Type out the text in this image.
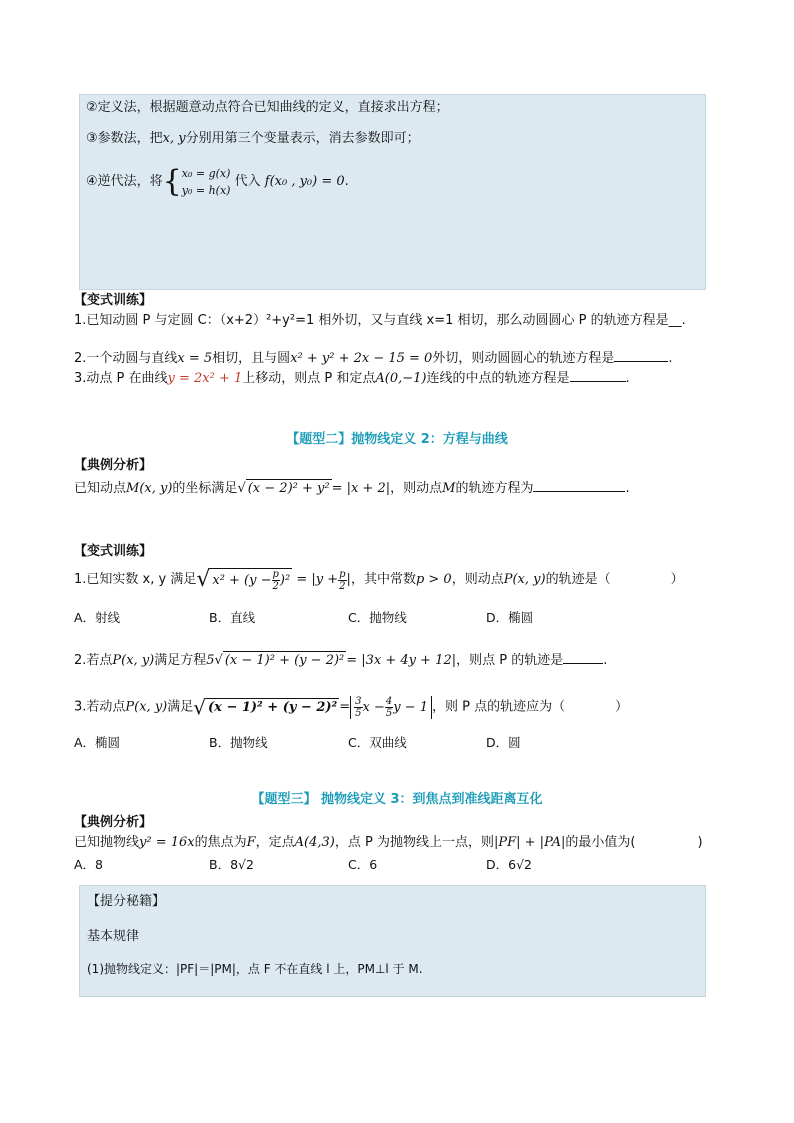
②定义法，根据题意动点符合已知曲线的定义，直接求出方程；
③参数法，把x, y分别用第三个变量表示，消去参数即可；
④逆代法，将{ x₀ = g(x)
y₀ = h(x)
代入 f(x₀ , y₀) = 0.
【变式训练】
1.已知动圆 P 与定圆 C：（x+2）²+y²=1 相外切，又与直线 x=1 相切，那么动圆圆心 P 的轨迹方程是__.
2.一个动圆与直线x = 5相切，且与圆x² + y² + 2x − 15 = 0外切，则动圆圆心的轨迹方程是	.
3.动点 P 在曲线y = 2x² + 1上移动，则点 P 和定点A(0,−1)连线的中点的轨迹方程是	.
【题型二】抛物线定义 2：方程与曲线
【典例分析】
已知动点M(x, y)的坐标满足√ (x − 2)² + y² = |x + 2|，则动点M的轨迹方程为	.
【变式训练】
1.已知实数 x, y 满足√ $x^2 + (y - \frac{p}{2} )^2 = |y + \frac{p}{2}$ |，其中常数p > 0，则动点P(x, y)的轨迹是（	）
A．射线	B．直线	C．抛物线	D．椭圆
2.若点P(x, y)满足方程5√ (x − 1)² + (y − 2)² = |3x + 4y + 12|，则点 P 的轨迹是	.
3.若动点P(x, y)满足√ $(x - 1)^2 + (y - 2)^2 = \frac{3}{5}$ $x - \frac{4}{5}$ y − 1 ，则 P 点的轨迹应为（	）
A．椭圆	B．抛物线	C．双曲线	D．圆
【题型三】 抛物线定义 3：到焦点到准线距离互化
【典例分析】
已知抛物线y² = 16x的焦点为F，定点A(4,3)，点 P 为抛物线上一点，则|PF| + |PA|的最小值为(	)
A．8	B．8√2	C．6	D．6√2
【提分秘籍】
基本规律
(1)抛物线定义：|PF|＝|PM|，点 F 不在直线 l 上，PM⊥l 于 M.
